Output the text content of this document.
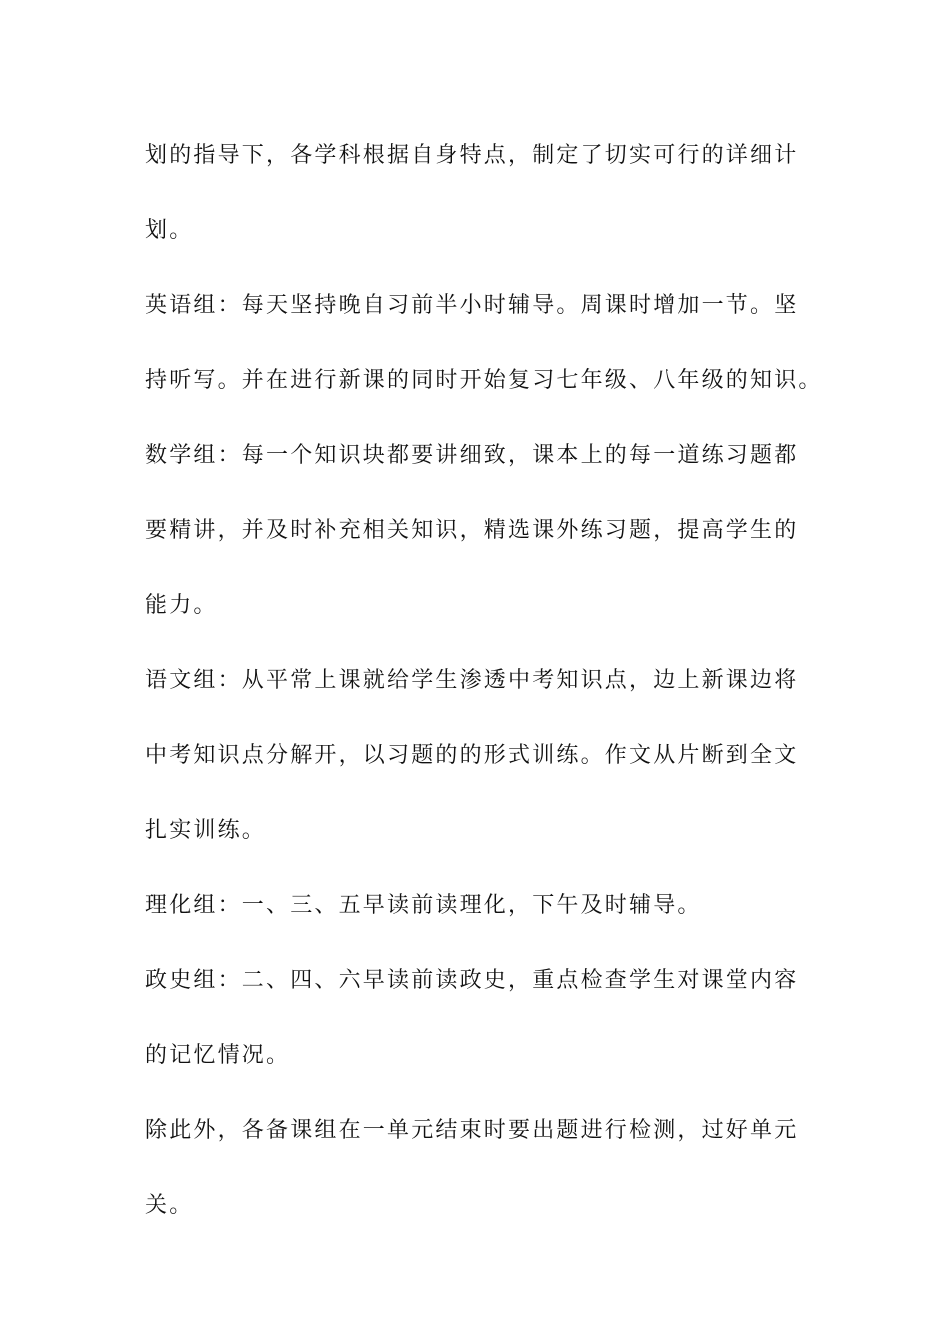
划的指导下，各学科根据自身特点，制定了切实可行的详细计

划。

英语组：每天坚持晚自习前半小时辅导。周课时增加一节。坚

持听写。并在进行新课的同时开始复习七年级、八年级的知识。

数学组：每一个知识块都要讲细致，课本上的每一道练习题都

要精讲，并及时补充相关知识，精选课外练习题，提高学生的

能力。

语文组：从平常上课就给学生渗透中考知识点，边上新课边将

中考知识点分解开，以习题的的形式训练。作文从片断到全文

扎实训练。

理化组：一、三、五早读前读理化，下午及时辅导。

政史组：二、四、六早读前读政史，重点检查学生对课堂内容

的记忆情况。

除此外，各备课组在一单元结束时要出题进行检测，过好单元

关。
